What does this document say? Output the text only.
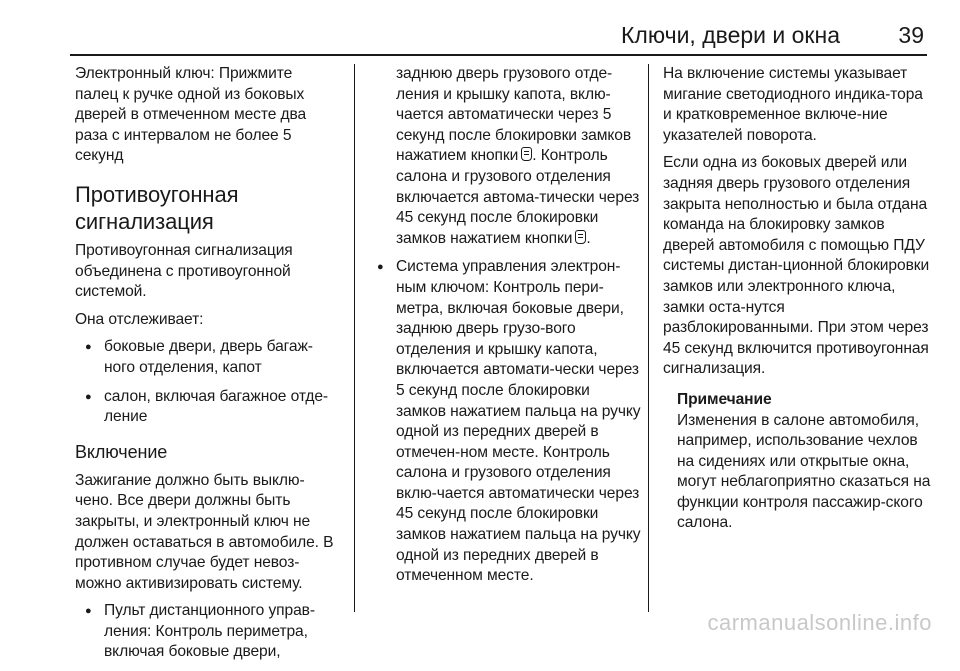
Ключи, двери и окна	39

Электронный ключ: Прижмите палец к ручке одной из боковых дверей в отмеченном месте два раза с интервалом не более 5 секунд

Противоугонная сигнализация

Противоугонная сигнализация объединена с противоугонной системой.

Она отслеживает:

● боковые двери, дверь багаж-ного отделения, капот
● салон, включая багажное отде-ление
Включение

Зажигание должно быть выклю-чено. Все двери должны быть закрыты, и электронный ключ не должен оставаться в автомобиле. В противном случае будет невоз-можно активизировать систему.

● Пульт дистанционного управ-ления: Контроль периметра, включая боковые двери,
заднюю дверь грузового отде-ления и крышку капота, вклю-чается автоматически через 5 секунд после блокировки замков нажатием кнопки . Контроль салона и грузового отделения включается автома-тически через 45 секунд после блокировки замков нажатием кнопки .
● Система управления электрон-ным ключом: Контроль пери-метра, включая боковые двери, заднюю дверь грузо-вого отделения и крышку капота, включается автомати-чески через 5 секунд после блокировки замков нажатием пальца на ручку одной из передних дверей в отмечен-ном месте. Контроль салона и грузового отделения вклю-чается автоматически через 45 секунд после блокировки замков нажатием пальца на ручку одной из передних дверей в отмеченном месте.

На включение системы указывает мигание светодиодного индика-тора и кратковременное включе-ние указателей поворота.

Если одна из боковых дверей или задняя дверь грузового отделения закрыта неполностью и была отдана команда на блокировку замков дверей автомобиля с помощью ПДУ системы дистан-ционной блокировки замков или электронного ключа, замки оста-нутся разблокированными. При этом через 45 секунд включится противоугонная сигнализация.

Примечание
Изменения в салоне автомобиля, например, использование чехлов на сидениях или открытые окна, могут неблагоприятно сказаться на функции контроля пассажир-ского салона.
carmanualsonline.info
